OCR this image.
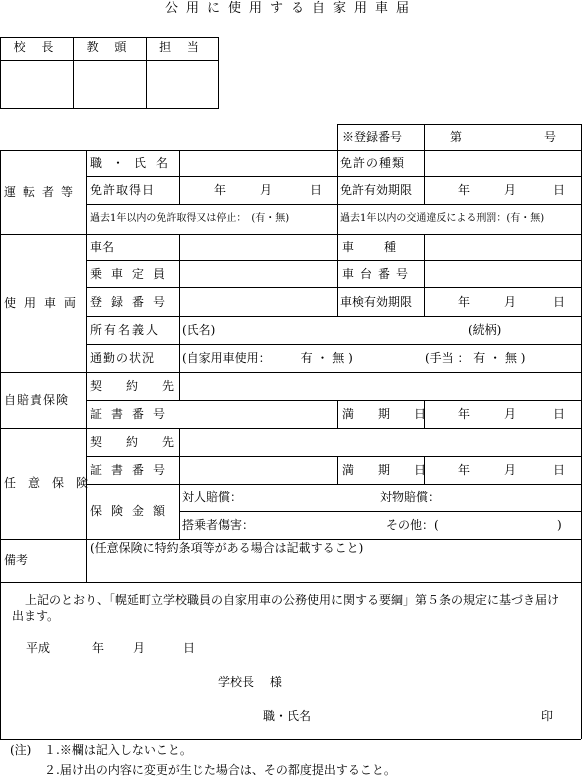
公用に使用する自家用車届
校 長	教 頭	担 当
※登録番号	第	号
運転者等
職・氏名	免許の種類
免許取得日	年	月	日 免許有効期限	年	月	日
過去1年以内の免許取得又は停止：　(有・無)	過去1年以内の交通違反による刑罰：(有・無)
使用車両
車名	車種
乗車定員	車台番号
登録番号	車検有効期限	年	月	日
所有名義人 (氏名)	(続柄)
通勤の状況 (自家用車使用：　　　有 ・ 無 )	(手当 ： 有 ・ 無 )
自賠責保険
契約先
証書番号	満期日 年	月	日
任意保険
契約先
証書番号	満期日 年	月	日
保険金額
対人賠償：	対物賠償：
搭乗者傷害：	その他：(	)
備考
(任意保険に特約条項等がある場合は記載すること)
上記のとおり、「幌延町立学校職員の自家用車の公務使用に関する要綱」第５条の規定に基づき届け
出ます。
平成	年 月	日
学校長　 様
職・氏名	印
(注) １.※欄は記入しないこと。
２.届け出の内容に変更が生じた場合は、その都度提出すること。
